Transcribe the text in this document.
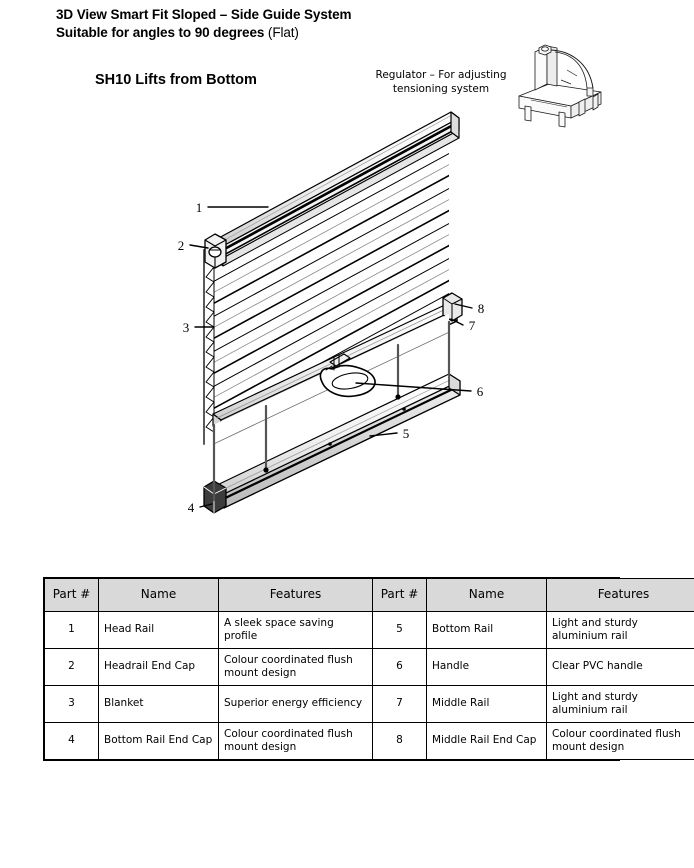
3D View Smart Fit Sloped – Side Guide System
Suitable for angles to 90 degrees (Flat)
SH10 Lifts from Bottom	Regulator – For adjusting
tensioning system
1
2
3
4
5
6
7
8
Part #	Name	Features	Part #	Name	Features
1	Head Rail	A sleek space saving profile	5	Bottom Rail	Light and sturdy aluminium rail
2	Headrail End Cap	Colour coordinated flush mount design	6	Handle	Clear PVC handle
3	Blanket	Superior energy efficiency	7	Middle Rail	Light and sturdy aluminium rail
4	Bottom Rail End Cap	Colour coordinated flush mount design	8	Middle Rail End Cap	Colour coordinated flush mount design
